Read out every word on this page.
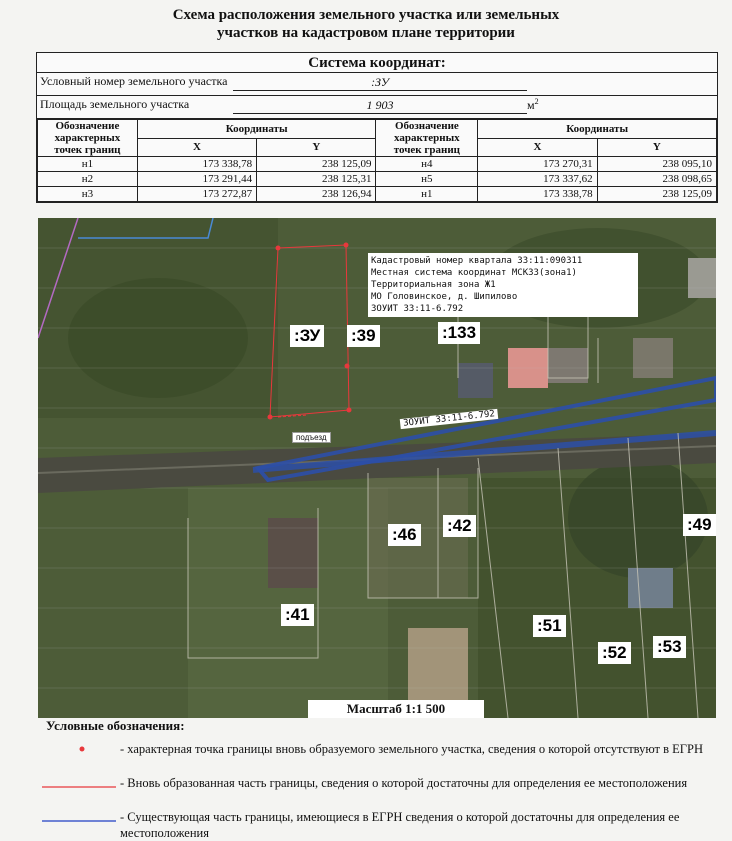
Схема расположения земельного участка или земельных
участков на кадастровом плане территории
Система координат:
Условный номер земельного участка	:ЗУ
Площадь земельного участка	1 903	$м^2$
Обозначение характерных точек границ	Координаты		Обозначение характерных точек границ	Координаты	
	X	Y		X	Y
н1	173 338,78	238 125,09	н4	173 270,31	238 095,10
н2	173 291,44	238 125,31	н5	173 337,62	238 098,65
н3	173 272,87	238 126,94	н1	173 338,78	238 125,09
Кадастровый номер квартала 33:11:090311
Местная система координат МСК33(зона1)
Территориальная зона Ж1
МО Головинское, д. Шипилово
ЗОУИТ 33:11-6.792
ЗОУИТ 33:11-6.792
подъезд
:ЗУ :39	:133
:46 :42	:49
:41
:51
:52 :53
Масштаб 1:1 500
Условные обозначения:
- характерная точка границы вновь образуемого земельного участка, сведения о которой отсутствуют в ЕГРН
- Вновь образованная часть границы, сведения о которой достаточны для определения ее местоположения
- Существующая часть границы, имеющиеся в ЕГРН сведения о которой достаточны для определения ее местоположения
